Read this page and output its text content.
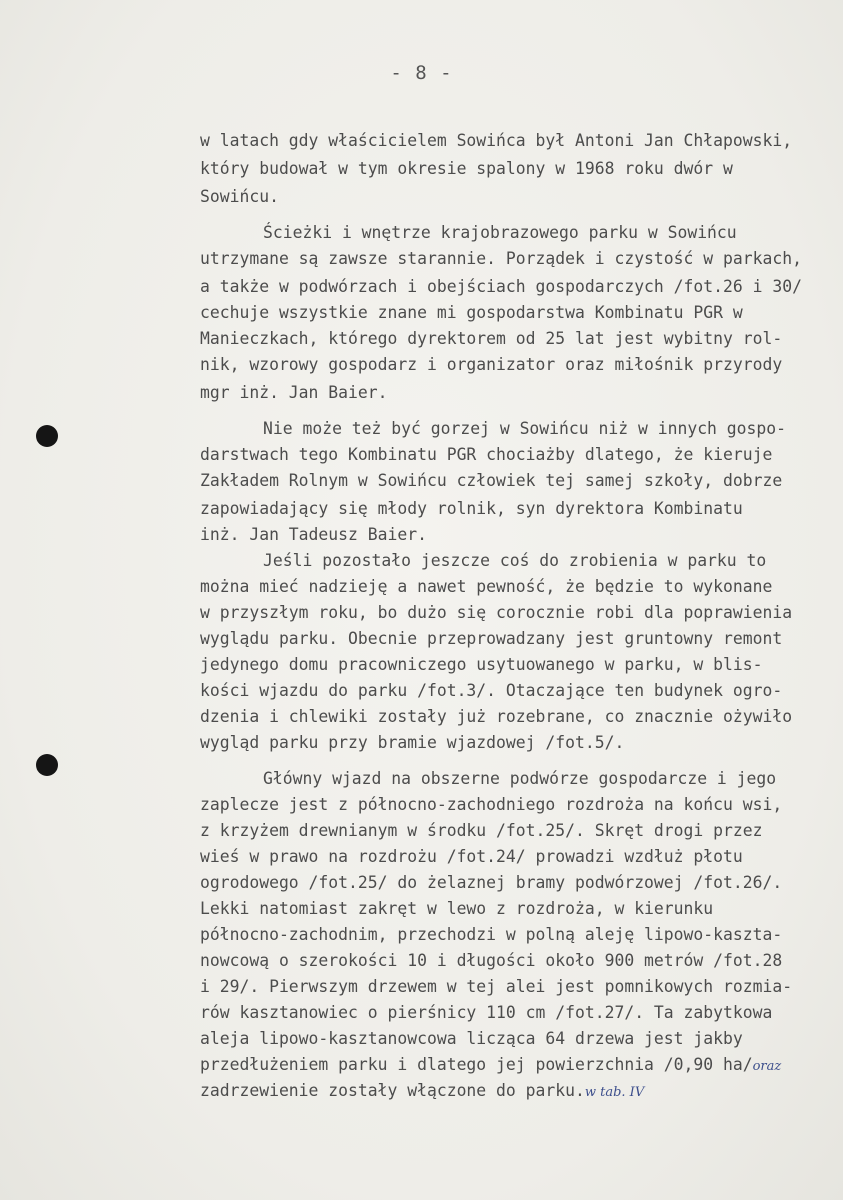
- 8 -
w latach gdy właścicielem Sowińca był Antoni Jan Chłapowski,
który budował w tym okresie spalony w 1968 roku dwór w
Sowińcu.
Ścieżki i wnętrze krajobrazowego parku w Sowińcu
utrzymane są zawsze starannie. Porządek i czystość w parkach,
a także w podwórzach i obejściach gospodarczych /fot.26 i 30/
cechuje wszystkie znane mi gospodarstwa Kombinatu PGR w
Manieczkach, którego dyrektorem od 25 lat jest wybitny rol-
nik, wzorowy gospodarz i organizator oraz miłośnik przyrody
mgr inż. Jan Baier.
Nie może też być gorzej w Sowińcu niż w innych gospo-
darstwach tego Kombinatu PGR chociażby dlatego, że kieruje
Zakładem Rolnym w Sowińcu człowiek tej samej szkoły, dobrze
zapowiadający się młody rolnik, syn dyrektora Kombinatu
inż. Jan Tadeusz Baier.
Jeśli pozostało jeszcze coś do zrobienia w parku to
można mieć nadzieję a nawet pewność, że będzie to wykonane
w przyszłym roku, bo dużo się corocznie robi dla poprawienia
wyglądu parku. Obecnie przeprowadzany jest gruntowny remont
jedynego domu pracowniczego usytuowanego w parku, w blis-
kości wjazdu do parku /fot.3/. Otaczające ten budynek ogro-
dzenia i chlewiki zostały już rozebrane, co znacznie ożywiło
wygląd parku przy bramie wjazdowej /fot.5/.
Główny wjazd na obszerne podwórze gospodarcze i jego
zaplecze jest z północno-zachodniego rozdroża na końcu wsi,
z krzyżem drewnianym w środku /fot.25/. Skręt drogi przez
wieś w prawo na rozdrożu /fot.24/ prowadzi wzdłuż płotu
ogrodowego /fot.25/ do żelaznej bramy podwórzowej /fot.26/.
Lekki natomiast zakręt w lewo z rozdroża, w kierunku
północno-zachodnim, przechodzi w polną aleję lipowo-kaszta-
nowcową o szerokości 10 i długości około 900 metrów /fot.28
i 29/. Pierwszym drzewem w tej alei jest pomnikowych rozmia-
rów kasztanowiec o pierśnicy 110 cm /fot.27/. Ta zabytkowa
aleja lipowo-kasztanowcowa licząca 64 drzewa jest jakby
przedłużeniem parku i dlatego jej powierzchnia /0,90 ha/oraz
zadrzewienie zostały włączone do parku.w tab. IV
